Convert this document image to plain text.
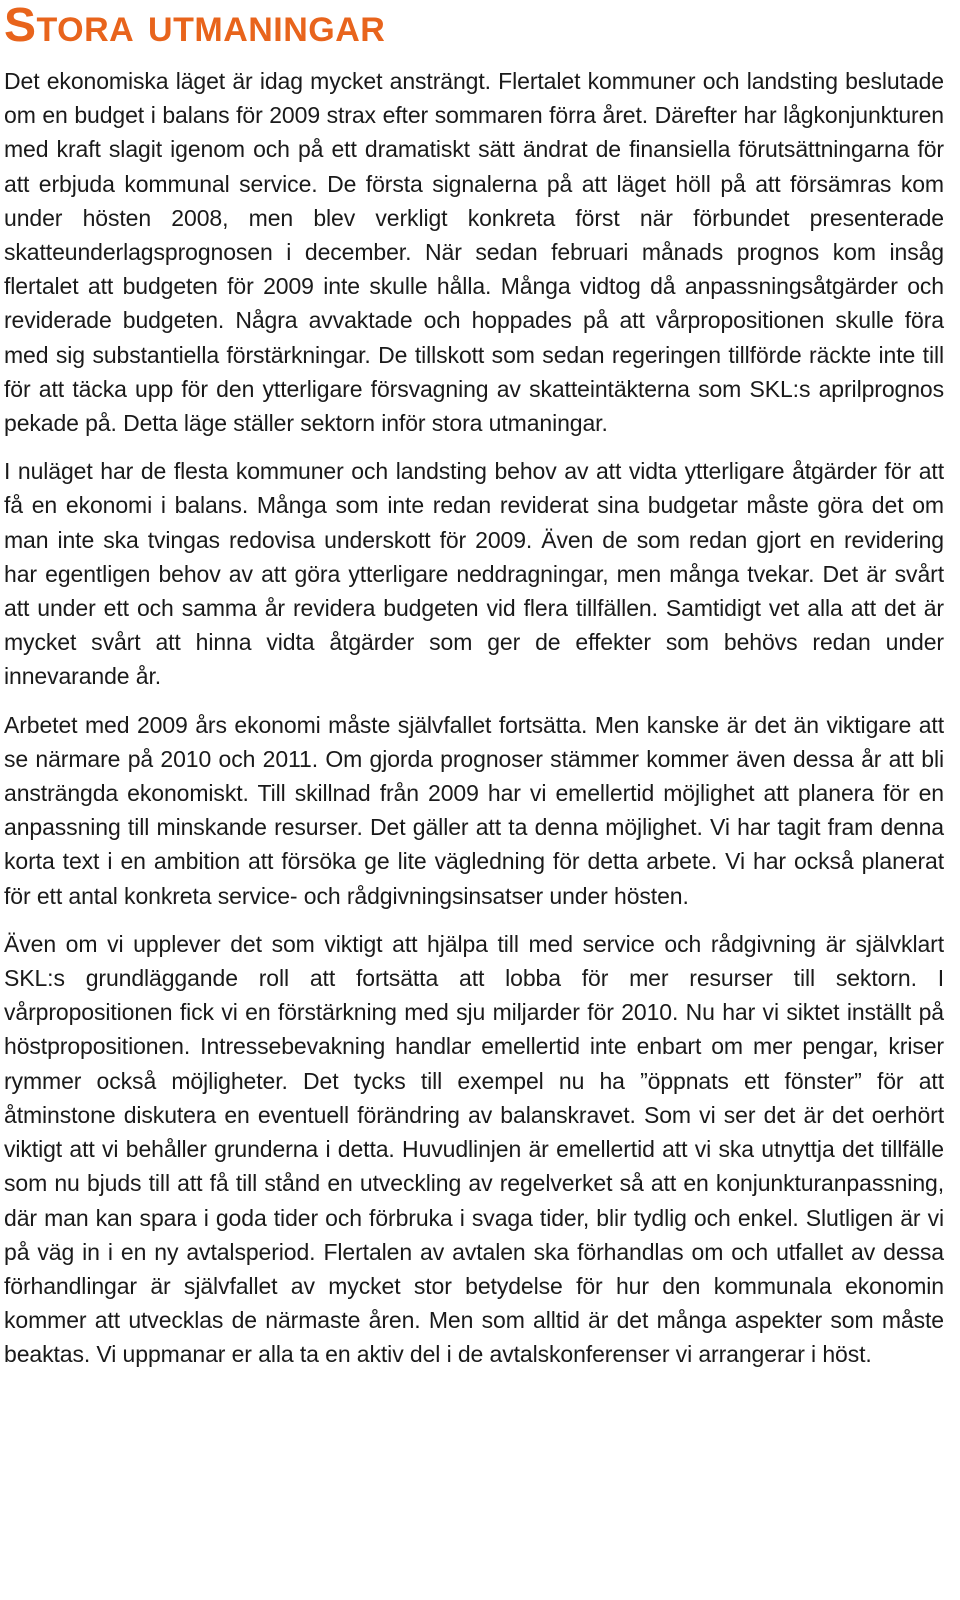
Stora utmaningar

Det ekonomiska läget är idag mycket ansträngt. Flertalet kommuner och landsting beslutade om en budget i balans för 2009 strax efter sommaren förra året. Därefter har lågkonjunkturen med kraft slagit igenom och på ett dramatiskt sätt ändrat de finansiella förutsättningarna för att erbjuda kommunal service. De första signalerna på att läget höll på att försämras kom under hösten 2008, men blev verkligt konkreta först när förbundet presenterade skatteunderlagsprognosen i december. När sedan februari månads prognos kom insåg flertalet att budgeten för 2009 inte skulle hålla. Många vidtog då anpassningsåtgärder och reviderade budgeten. Några avvaktade och hoppades på att vårpropositionen skulle föra med sig substantiella förstärkningar. De tillskott som sedan regeringen tillförde räckte inte till för att täcka upp för den ytterligare försvagning av skatteintäkterna som SKL:s aprilprognos pekade på. Detta läge ställer sektorn inför stora utmaningar.

I nuläget har de flesta kommuner och landsting behov av att vidta ytterligare åtgärder för att få en ekonomi i balans. Många som inte redan reviderat sina budgetar måste göra det om man inte ska tvingas redovisa underskott för 2009. Även de som redan gjort en revidering har egentligen behov av att göra ytterligare neddragningar, men många tvekar. Det är svårt att under ett och samma år revidera budgeten vid flera tillfällen. Samtidigt vet alla att det är mycket svårt att hinna vidta åtgärder som ger de effekter som behövs redan under innevarande år.

Arbetet med 2009 års ekonomi måste självfallet fortsätta. Men kanske är det än viktigare att se närmare på 2010 och 2011. Om gjorda prognoser stämmer kommer även dessa år att bli ansträngda ekonomiskt. Till skillnad från 2009 har vi emellertid möjlighet att planera för en anpassning till minskande resurser. Det gäller att ta denna möjlighet. Vi har tagit fram denna korta text i en ambition att försöka ge lite vägledning för detta arbete. Vi har också planerat för ett antal konkreta service- och rådgivningsinsatser under hösten.

Även om vi upplever det som viktigt att hjälpa till med service och rådgivning är självklart SKL:s grundläggande roll att fortsätta att lobba för mer resurser till sektorn. I vårpropositionen fick vi en förstärkning med sju miljarder för 2010. Nu har vi siktet inställt på höstpropositionen. Intressebevakning handlar emellertid inte enbart om mer pengar, kriser rymmer också möjligheter. Det tycks till exempel nu ha ”öppnats ett fönster” för att åtminstone diskutera en eventuell förändring av balanskravet. Som vi ser det är det oerhört viktigt att vi behåller grunderna i detta. Huvudlinjen är emellertid att vi ska utnyttja det tillfälle som nu bjuds till att få till stånd en utveckling av regelverket så att en konjunkturanpassning, där man kan spara i goda tider och förbruka i svaga tider, blir tydlig och enkel. Slutligen är vi på väg in i en ny avtalsperiod. Flertalen av avtalen ska förhandlas om och utfallet av dessa förhandlingar är självfallet av mycket stor betydelse för hur den kommunala ekonomin kommer att utvecklas de närmaste åren. Men som alltid är det många aspekter som måste beaktas. Vi uppmanar er alla ta en aktiv del i de avtalskonferenser vi arrangerar i höst.
